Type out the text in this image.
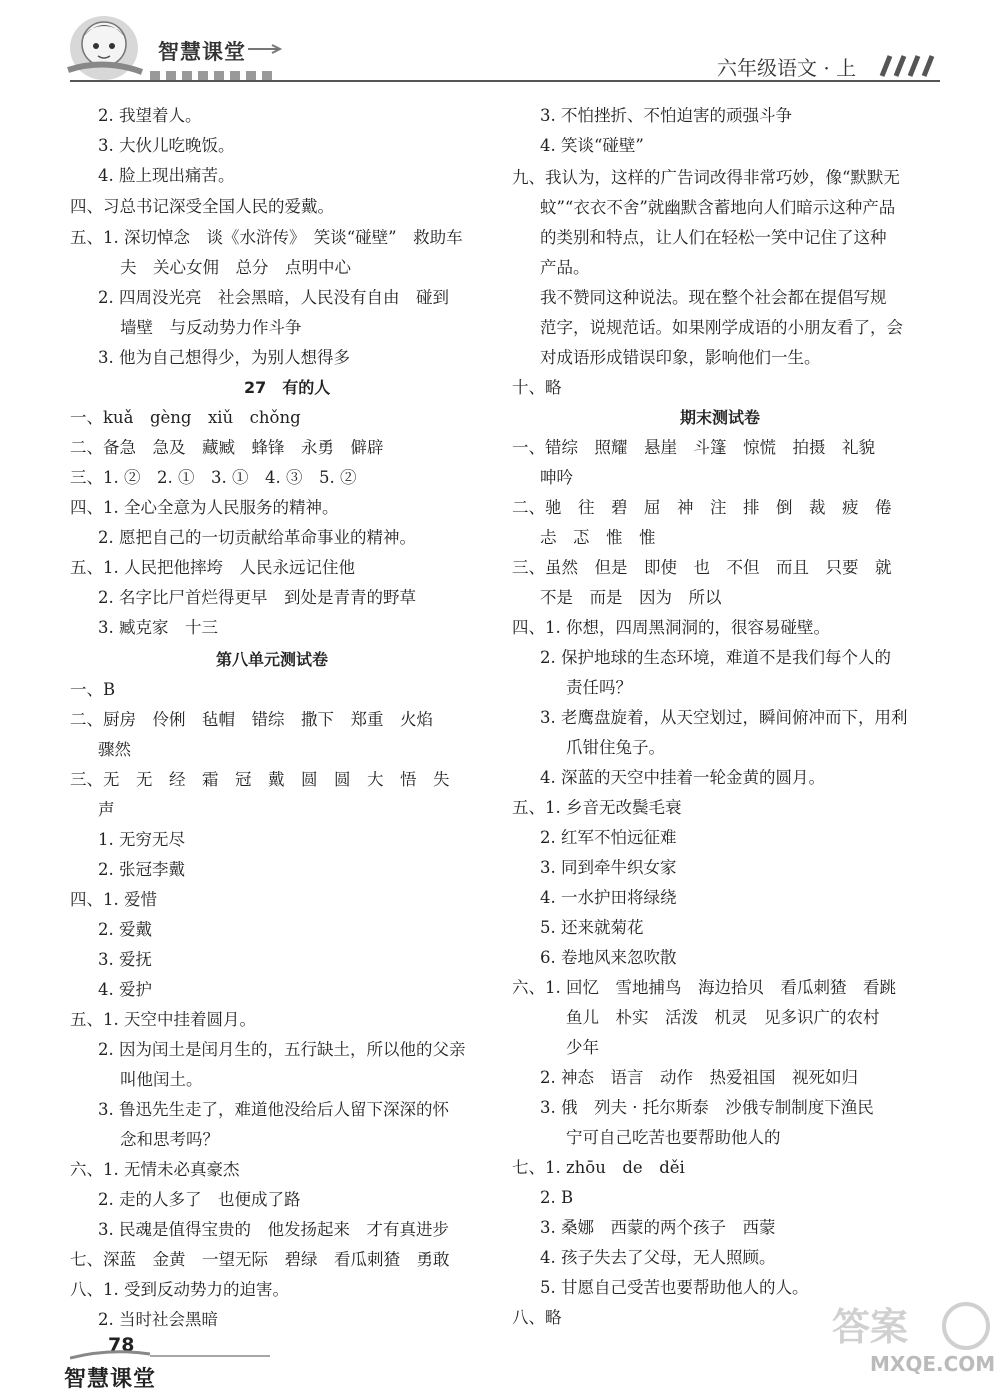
智慧课堂
六年级语文 · 上
2. 我望着人。
3. 大伙儿吃晚饭。
4. 脸上现出痛苦。
四、习总书记深受全国人民的爱戴。
五、1. 深切悼念　谈《水浒传》　笑谈“碰壁”　救助车
夫　关心女佣　总分　点明中心
2. 四周没光亮　社会黑暗，人民没有自由　碰到
墙壁　与反动势力作斗争
3. 他为自己想得少，为别人想得多
27　有的人
一、kuǎ　gèng　xiǔ　chǒng
二、备急　急及　藏臧　蜂锋　永勇　僻辟
三、1. ②　2. ①　3. ①　4. ③　5. ②
四、1. 全心全意为人民服务的精神。
2. 愿把自己的一切贡献给革命事业的精神。
五、1. 人民把他摔垮　人民永远记住他
2. 名字比尸首烂得更早　到处是青青的野草
3. 臧克家　十三
第八单元测试卷
一、B
二、厨房　伶俐　毡帽　错综　撒下　郑重　火焰
骤然
三、无　无　经　霜　冠　戴　圆　圆　大　悟　失
声
1. 无穷无尽
2. 张冠李戴
四、1. 爱惜
2. 爱戴
3. 爱抚
4. 爱护
五、1. 天空中挂着圆月。
2. 因为闰土是闰月生的，五行缺土，所以他的父亲
叫他闰土。
3. 鲁迅先生走了，难道他没给后人留下深深的怀
念和思考吗？
六、1. 无情未必真豪杰
2. 走的人多了　也便成了路
3. 民魂是值得宝贵的　他发扬起来　才有真进步
七、深蓝　金黄　一望无际　碧绿　看瓜刺猹　勇敢
八、1. 受到反动势力的迫害。
2. 当时社会黑暗
3. 不怕挫折、不怕迫害的顽强斗争
4. 笑谈“碰壁”
九、我认为，这样的广告词改得非常巧妙，像“默默无
蚊”“衣衣不舍”就幽默含蓄地向人们暗示这种产品
的类别和特点，让人们在轻松一笑中记住了这种
产品。
我不赞同这种说法。现在整个社会都在提倡写规
范字，说规范话。如果刚学成语的小朋友看了，会
对成语形成错误印象，影响他们一生。
十、略
期末测试卷
一、错综　照耀　悬崖　斗篷　惊慌　拍摄　礼貌
呻吟
二、驰　往　碧　屈　神　注　排　倒　裁　疲　倦
忐　忑　惟　惟
三、虽然　但是　即使　也　不但　而且　只要　就
不是　而是　因为　所以
四、1. 你想，四周黑洞洞的，很容易碰壁。
2. 保护地球的生态环境，难道不是我们每个人的
责任吗？
3. 老鹰盘旋着，从天空划过，瞬间俯冲而下，用利
爪钳住兔子。
4. 深蓝的天空中挂着一轮金黄的圆月。
五、1. 乡音无改鬓毛衰
2. 红军不怕远征难
3. 同到牵牛织女家
4. 一水护田将绿绕
5. 还来就菊花
6. 卷地风来忽吹散
六、1. 回忆　雪地捕鸟　海边拾贝　看瓜刺猹　看跳
鱼儿　朴实　活泼　机灵　见多识广的农村
少年
2. 神态　语言　动作　热爱祖国　视死如归
3. 俄　列夫 · 托尔斯泰　沙俄专制制度下渔民
宁可自己吃苦也要帮助他人的
七、1. zhōu　de　děi
2. B
3. 桑娜　西蒙的两个孩子　西蒙
4. 孩子失去了父母，无人照顾。
5. 甘愿自己受苦也要帮助他人的人。
八、略
78
智慧课堂
答案
MXQE.COM
